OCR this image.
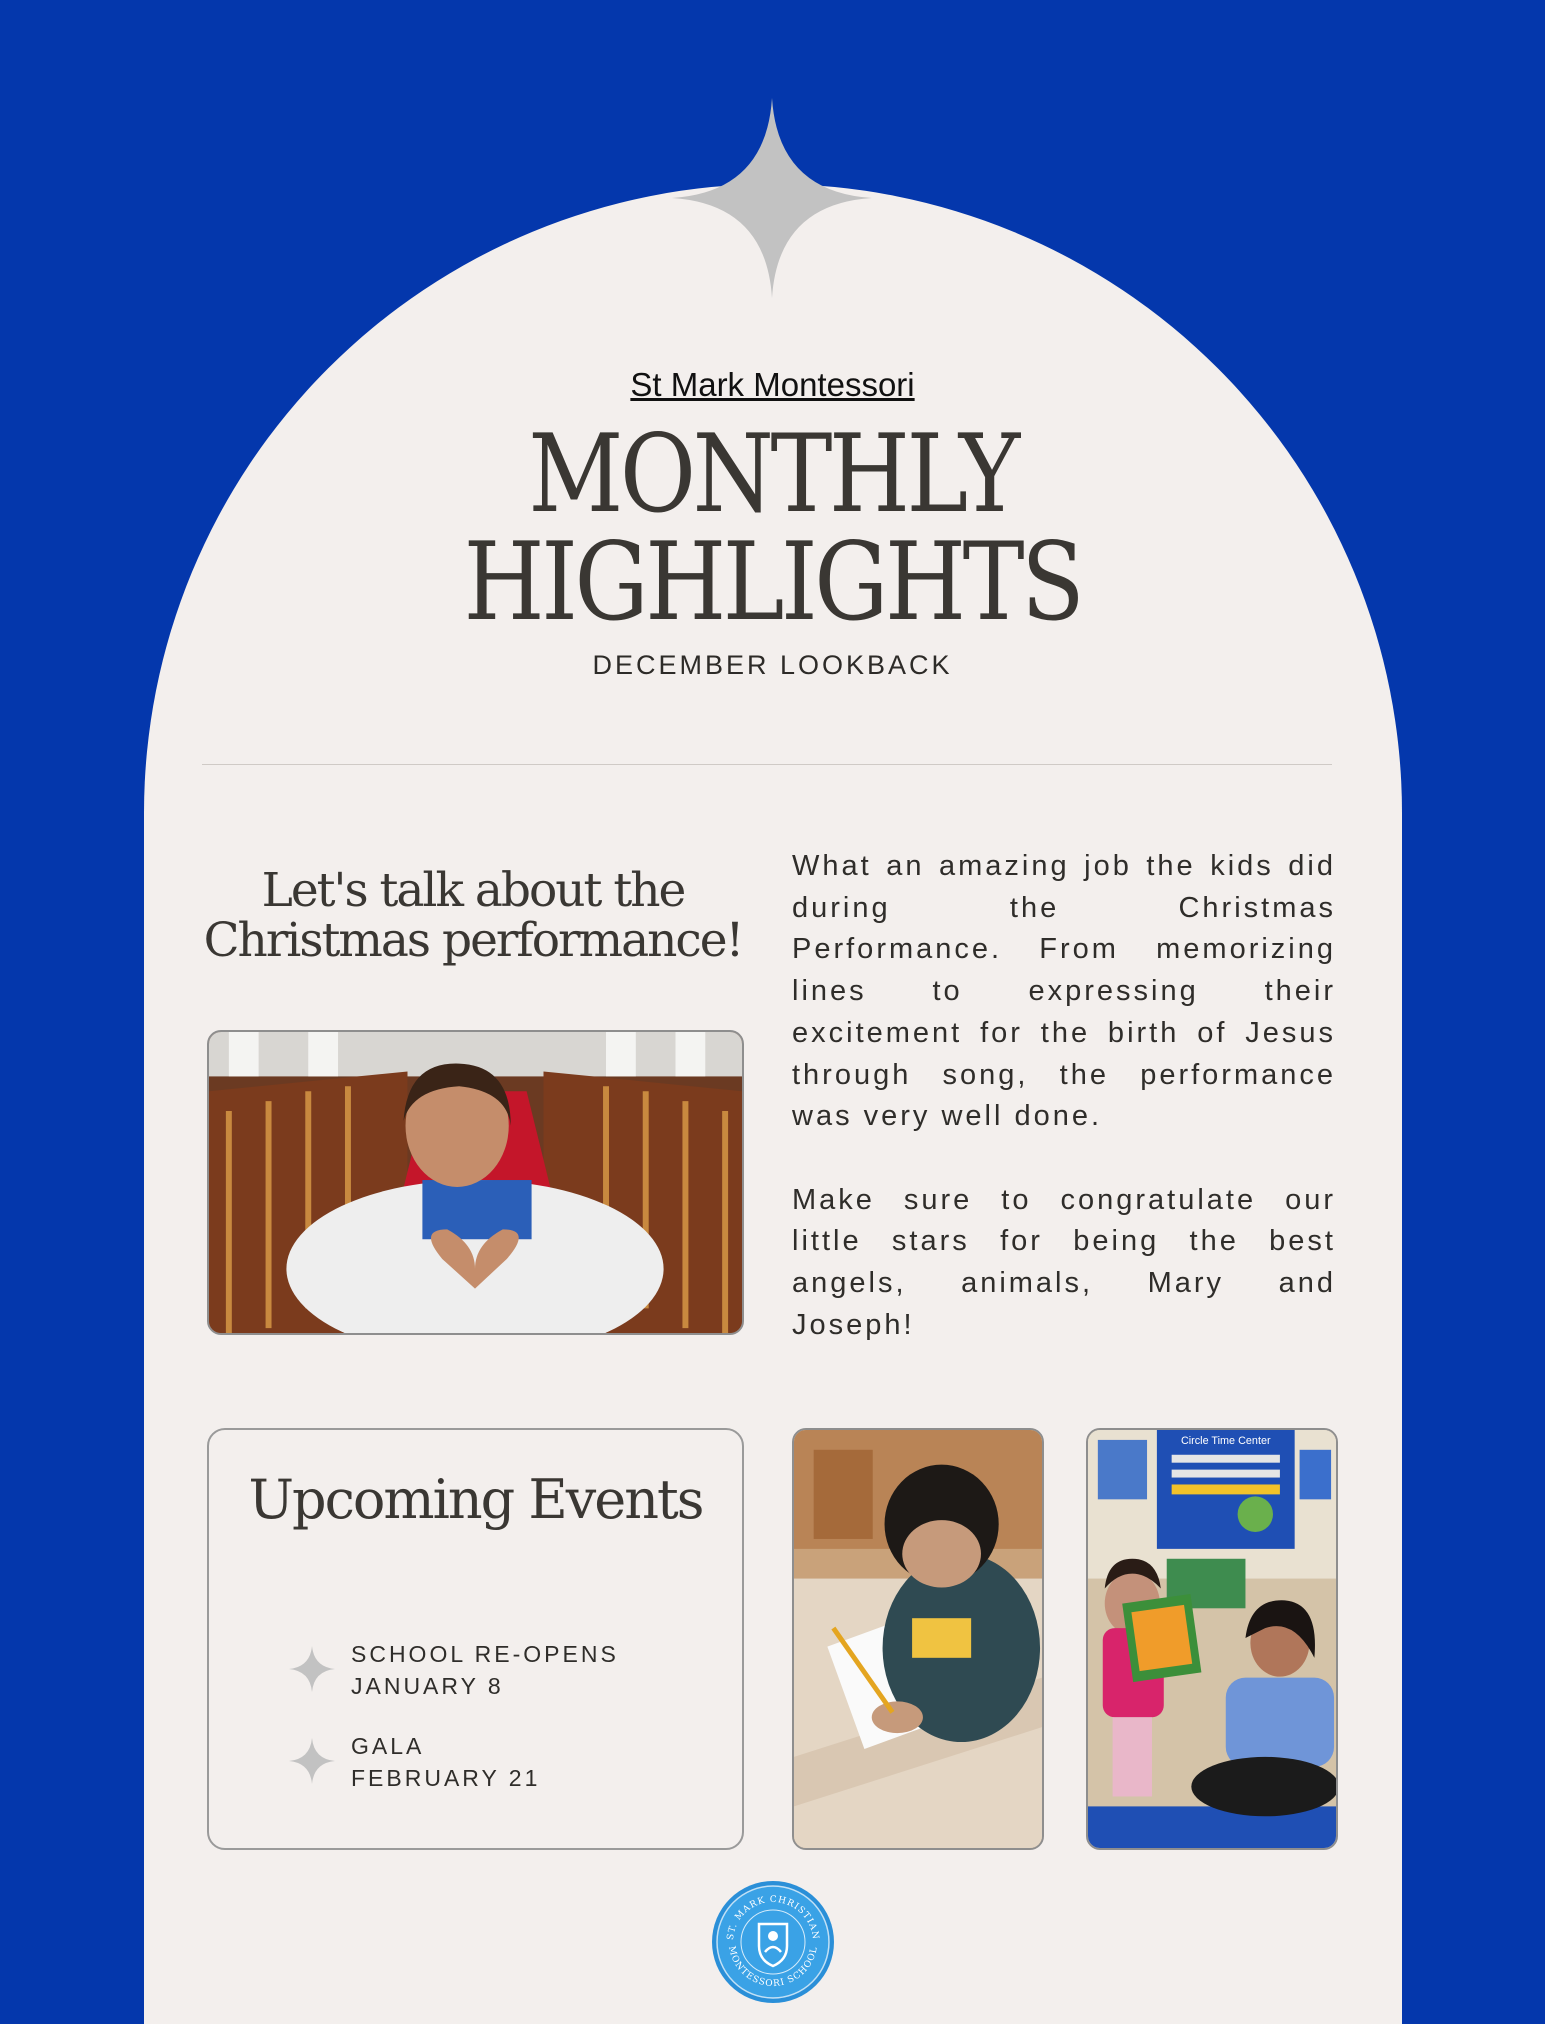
St Mark Montessori
MONTHLY
HIGHLIGHTS
DECEMBER LOOKBACK
Let's talk about the Christmas performance!

What an amazing job the kids did during the Christmas Performance. From memorizing lines to expressing their excitement for the birth of Jesus through song, the performance was very well done.

Make sure to congratulate our little stars for being the best angels, animals, Mary and Joseph!

Upcoming Events
SCHOOL RE-OPENS
JANUARY 8
GALA
FEBRUARY 21
Circle Time Center
ST. MARK CHRISTIAN
MONTESSORI SCHOOL
